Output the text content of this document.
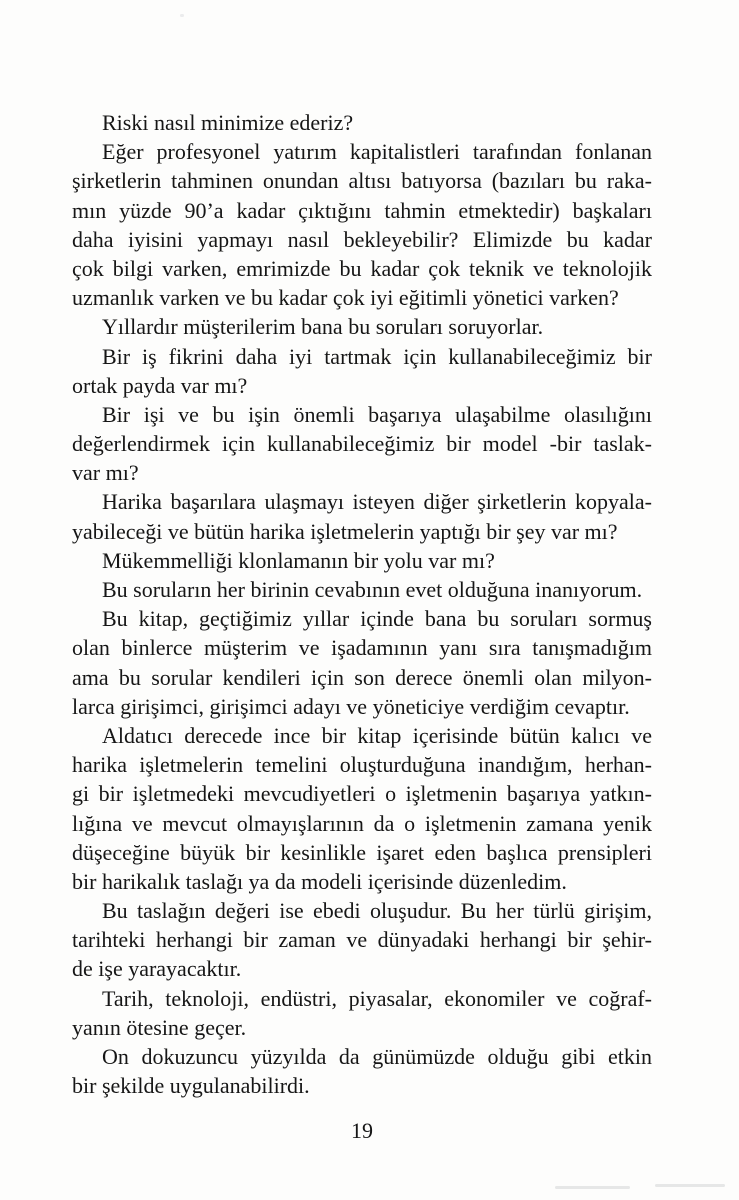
Riski nasıl minimize ederiz?

Eğer profesyonel yatırım kapitalistleri tarafından fonlanan
şirketlerin tahminen onundan altısı batıyorsa (bazıları bu raka-
mın yüzde 90’a kadar çıktığını tahmin etmektedir) başkaları
daha iyisini yapmayı nasıl bekleyebilir? Elimizde bu kadar
çok bilgi varken, emrimizde bu kadar çok teknik ve teknolojik
uzmanlık varken ve bu kadar çok iyi eğitimli yönetici varken?

Yıllardır müşterilerim bana bu soruları soruyorlar.

Bir iş fikrini daha iyi tartmak için kullanabileceğimiz bir
ortak payda var mı?

Bir işi ve bu işin önemli başarıya ulaşabilme olasılığını
değerlendirmek için kullanabileceğimiz bir model -bir taslak-
var mı?

Harika başarılara ulaşmayı isteyen diğer şirketlerin kopyala-
yabileceği ve bütün harika işletmelerin yaptığı bir şey var mı?

Mükemmelliği klonlamanın bir yolu var mı?

Bu soruların her birinin cevabının evet olduğuna inanıyorum.

Bu kitap, geçtiğimiz yıllar içinde bana bu soruları sormuş
olan binlerce müşterim ve işadamının yanı sıra tanışmadığım
ama bu sorular kendileri için son derece önemli olan milyon-
larca girişimci, girişimci adayı ve yöneticiye verdiğim cevaptır.

Aldatıcı derecede ince bir kitap içerisinde bütün kalıcı ve
harika işletmelerin temelini oluşturduğuna inandığım, herhan-
gi bir işletmedeki mevcudiyetleri o işletmenin başarıya yatkın-
lığına ve mevcut olmayışlarının da o işletmenin zamana yenik
düşeceğine büyük bir kesinlikle işaret eden başlıca prensipleri
bir harikalık taslağı ya da modeli içerisinde düzenledim.

Bu taslağın değeri ise ebedi oluşudur. Bu her türlü girişim,
tarihteki herhangi bir zaman ve dünyadaki herhangi bir şehir-
de işe yarayacaktır.

Tarih, teknoloji, endüstri, piyasalar, ekonomiler ve coğraf-
yanın ötesine geçer.

On dokuzuncu yüzyılda da günümüzde olduğu gibi etkin
bir şekilde uygulanabilirdi.

19
